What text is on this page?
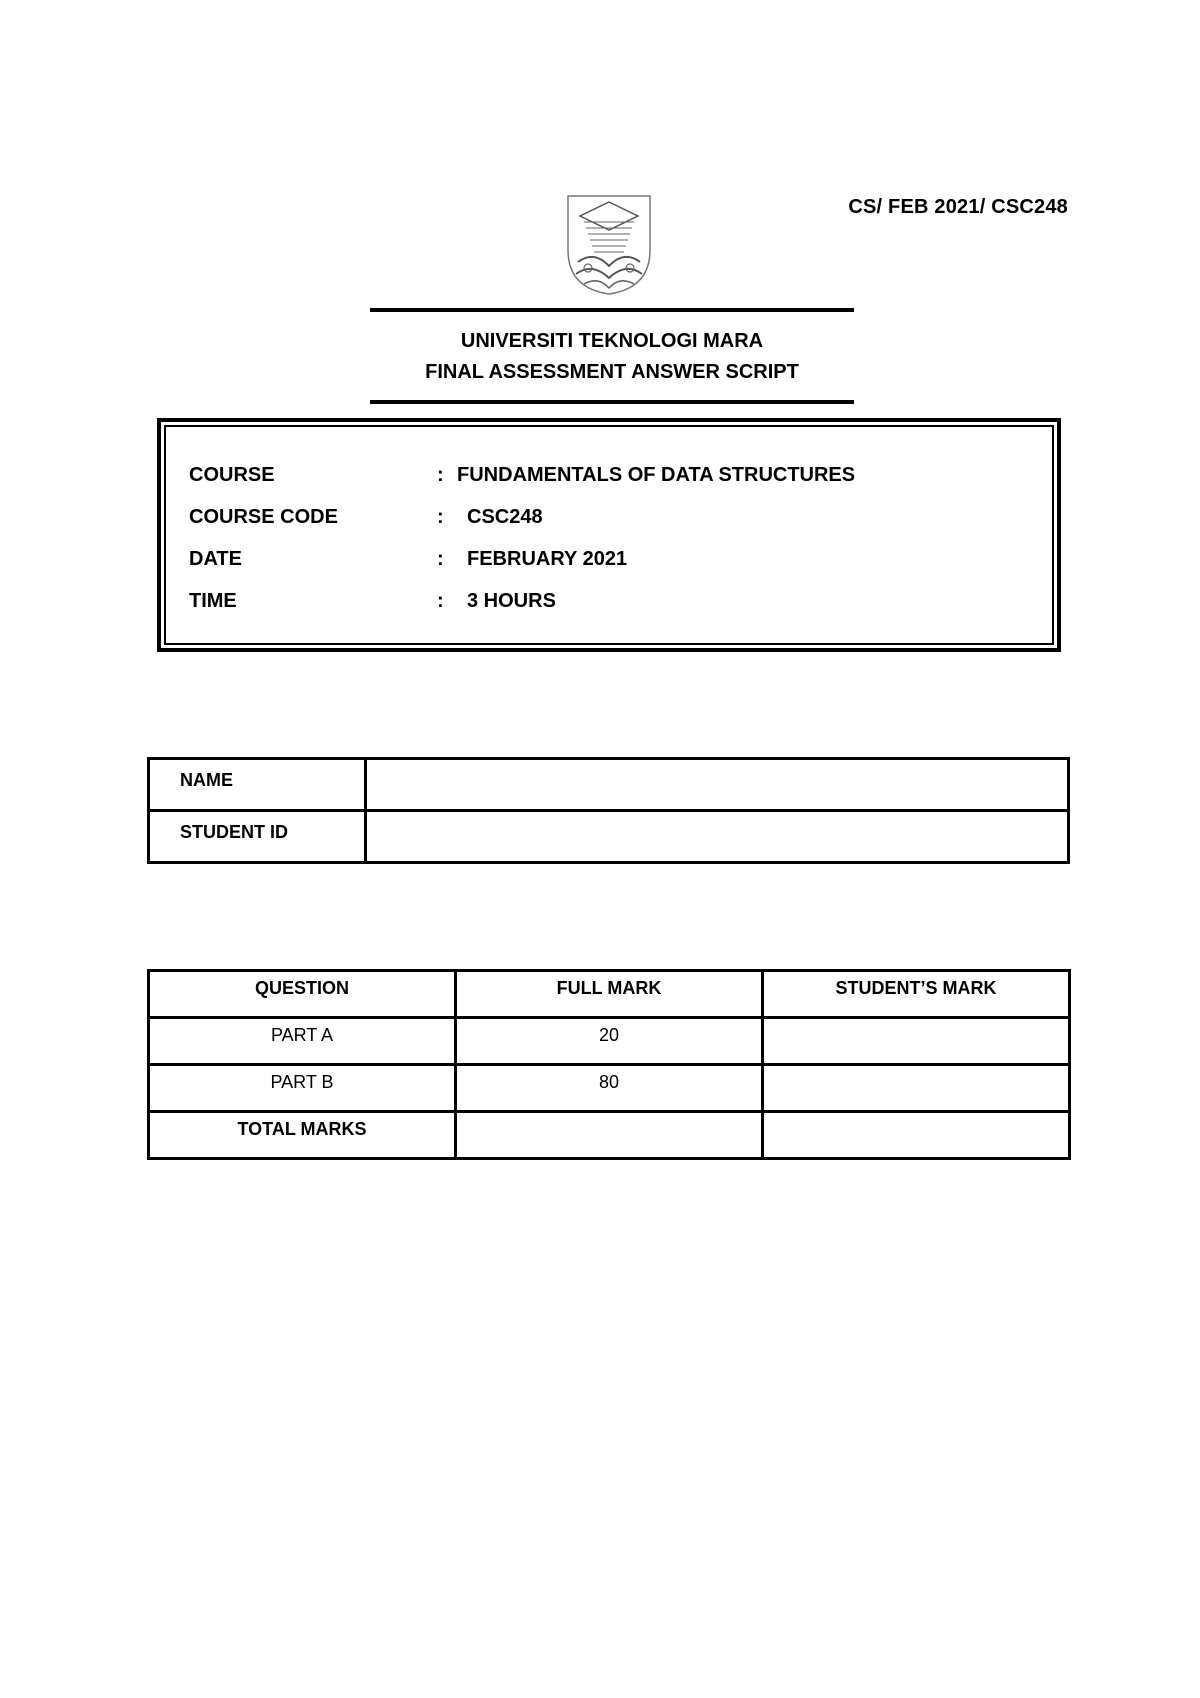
CS/ FEB 2021/ CSC248
UNIVERSITI TEKNOLOGI MARA
FINAL ASSESSMENT ANSWER SCRIPT
COURSE	: FUNDAMENTALS OF DATA STRUCTURES
COURSE CODE	: CSC248
DATE	: FEBRUARY 2021
TIME	: 3 HOURS
NAME	
STUDENT ID	
QUESTION	FULL MARK	STUDENT’S MARK
PART A	20	
PART B	80	
TOTAL MARKS		
